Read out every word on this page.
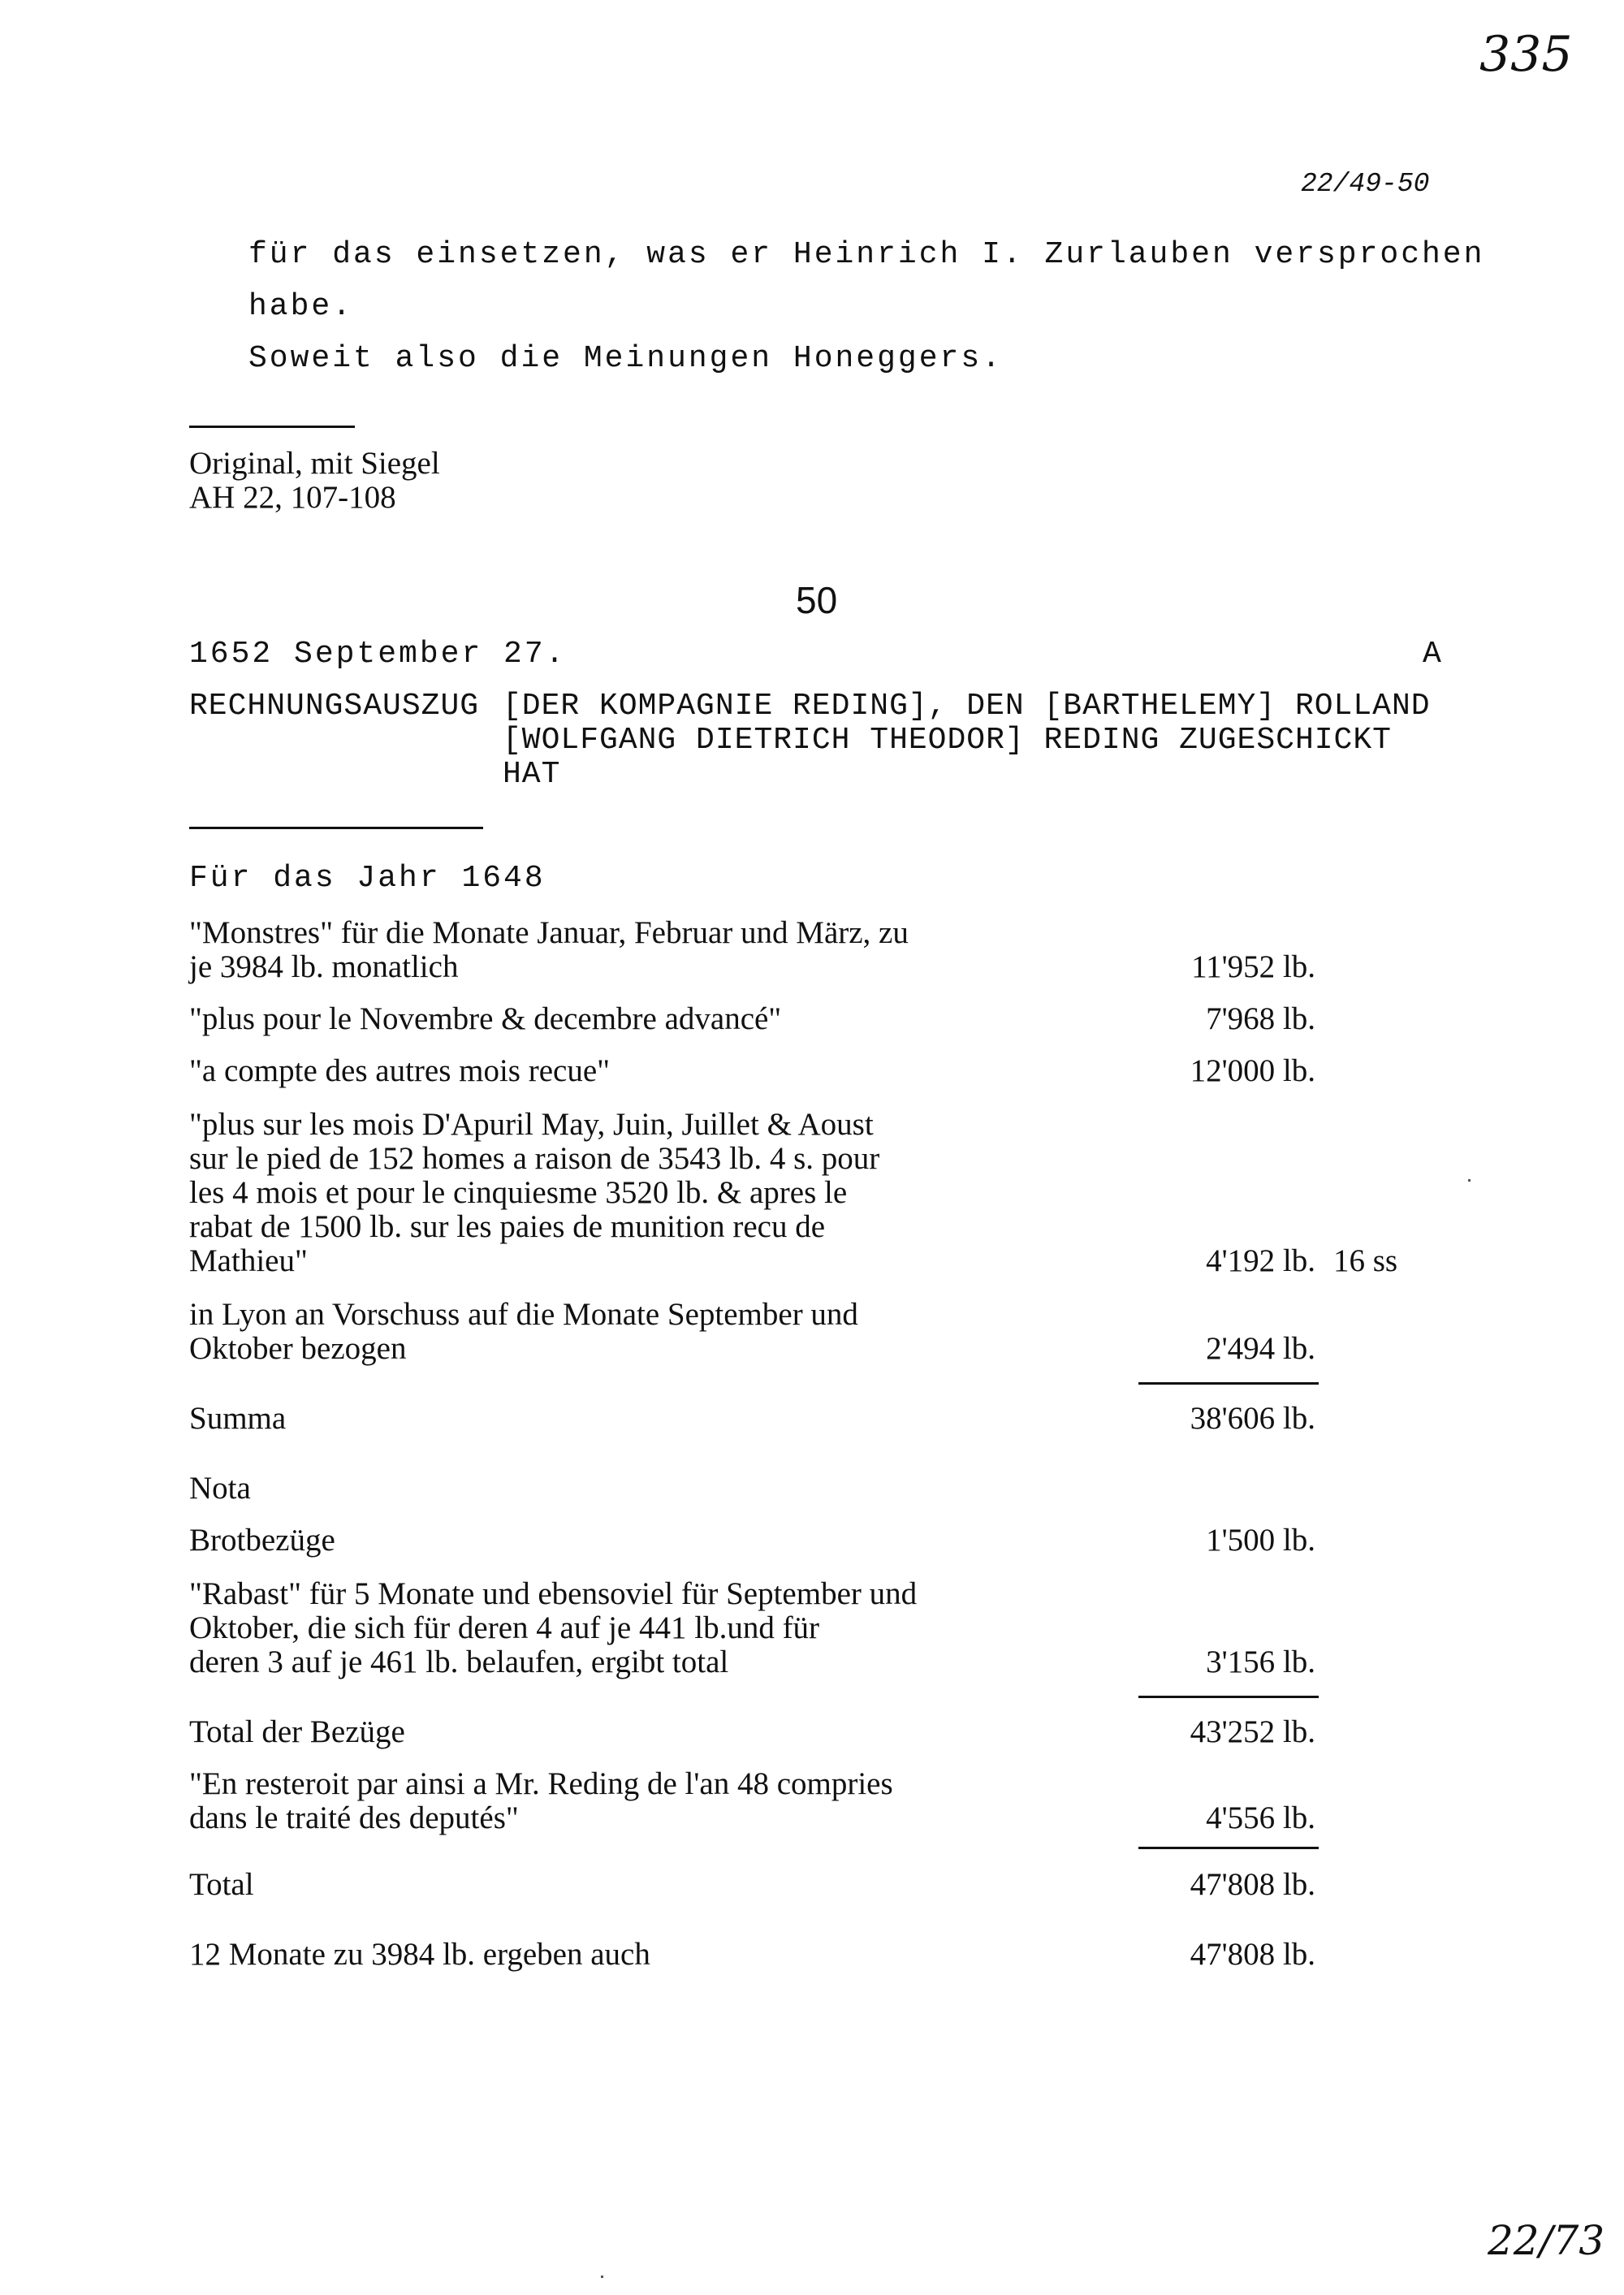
335
22/49-50
für das einsetzen, was er Heinrich I. Zurlauben versprochen
habe.
Soweit also die Meinungen Honeggers.
Original, mit Siegel
AH 22, 107-108
50
1652 September 27.	A
RECHNUNGSAUSZUG [DER KOMPAGNIE REDING], DEN [BARTHELEMY] ROLLAND
[WOLFGANG DIETRICH THEODOR] REDING ZUGESCHICKT
HAT
Für das Jahr 1648
"Monstres" für die Monate Januar, Februar und März, zu
je 3984 lb. monatlich	11'952 lb.
"plus pour le Novembre & decembre advancé"	7'968 lb.
"a compte des autres mois recue"	12'000 lb.
"plus sur les mois D'Apuril May, Juin, Juillet & Aoust
sur le pied de 152 homes a raison de 3543 lb. 4 s. pour
les 4 mois et pour le cinquiesme 3520 lb. & apres le
rabat de 1500 lb. sur les paies de munition recu de
Mathieu"	4'192 lb. 16 ss
in Lyon an Vorschuss auf die Monate September und
Oktober bezogen	2'494 lb.
Summa	38'606 lb.
Nota
Brotbezüge	1'500 lb.
"Rabast" für 5 Monate und ebensoviel für September und
Oktober, die sich für deren 4 auf je 441 lb.und für
deren 3 auf je 461 lb. belaufen, ergibt total	3'156 lb.
Total der Bezüge	43'252 lb.
"En resteroit par ainsi a Mr. Reding de l'an 48 compries
dans le traité des deputés"	4'556 lb.
Total	47'808 lb.
12 Monate zu 3984 lb. ergeben auch	47'808 lb.
22/73
